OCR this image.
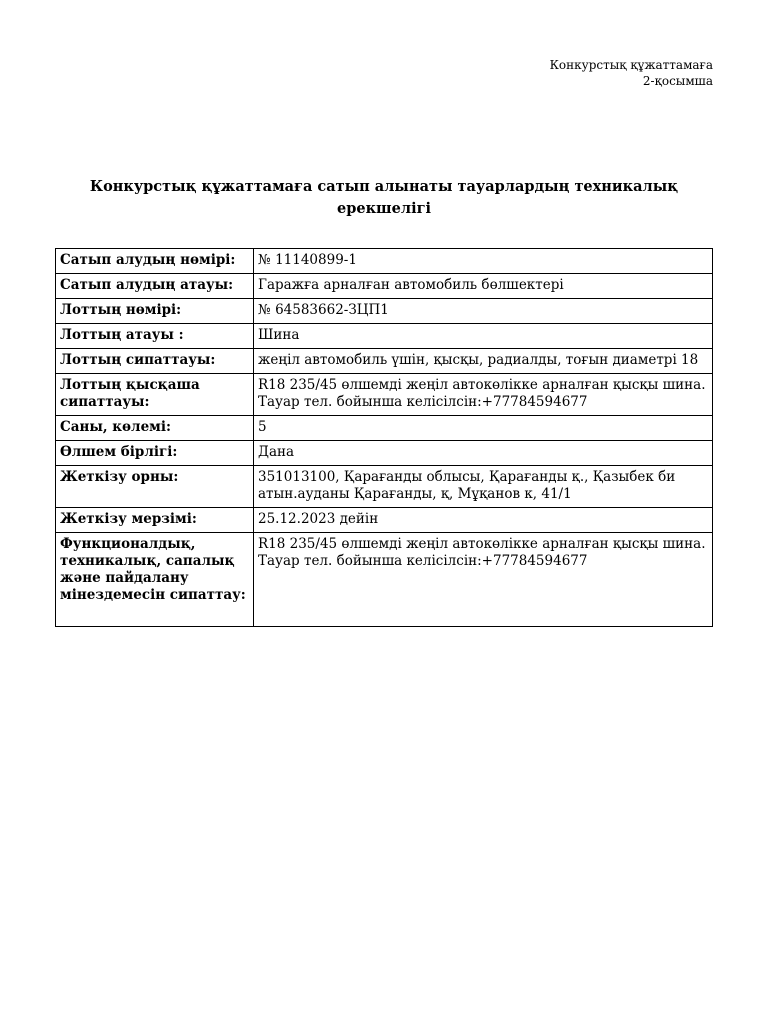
Конкурстық құжаттамаға
2-қосымша
Конкурстық құжаттамаға сатып алынаты тауарлардың техникалық ерекшелігі
Сатып алудың нөмірі:	№ 11140899-1
Сатып алудың атауы:	Гаражға арналған автомобиль бөлшектері
Лоттың нөмірі:	№ 64583662-ЗЦП1
Лоттың атауы :	Шина
Лоттың сипаттауы:	жеңіл автомобиль үшін, қысқы, радиалды, тоғын диаметрі 18
Лоттың қысқаша сипаттауы:	R18 235/45 өлшемді жеңіл автокөлікке арналған қысқы шина. Тауар тел. бойынша келісілсін:+77784594677
Саны, көлемі:	5
Өлшем бірлігі:	Дана
Жеткізу орны:	351013100, Қарағанды облысы, Қарағанды қ., Қазыбек би атын.ауданы Қарағанды, қ, Мұқанов к, 41/1
Жеткізу мерзімі:	25.12.2023 дейін
Функционалдық, техникалық, сапалық және пайдалану мінездемесін сипаттау:	R18 235/45 өлшемді жеңіл автокөлікке арналған қысқы шина. Тауар тел. бойынша келісілсін:+77784594677
